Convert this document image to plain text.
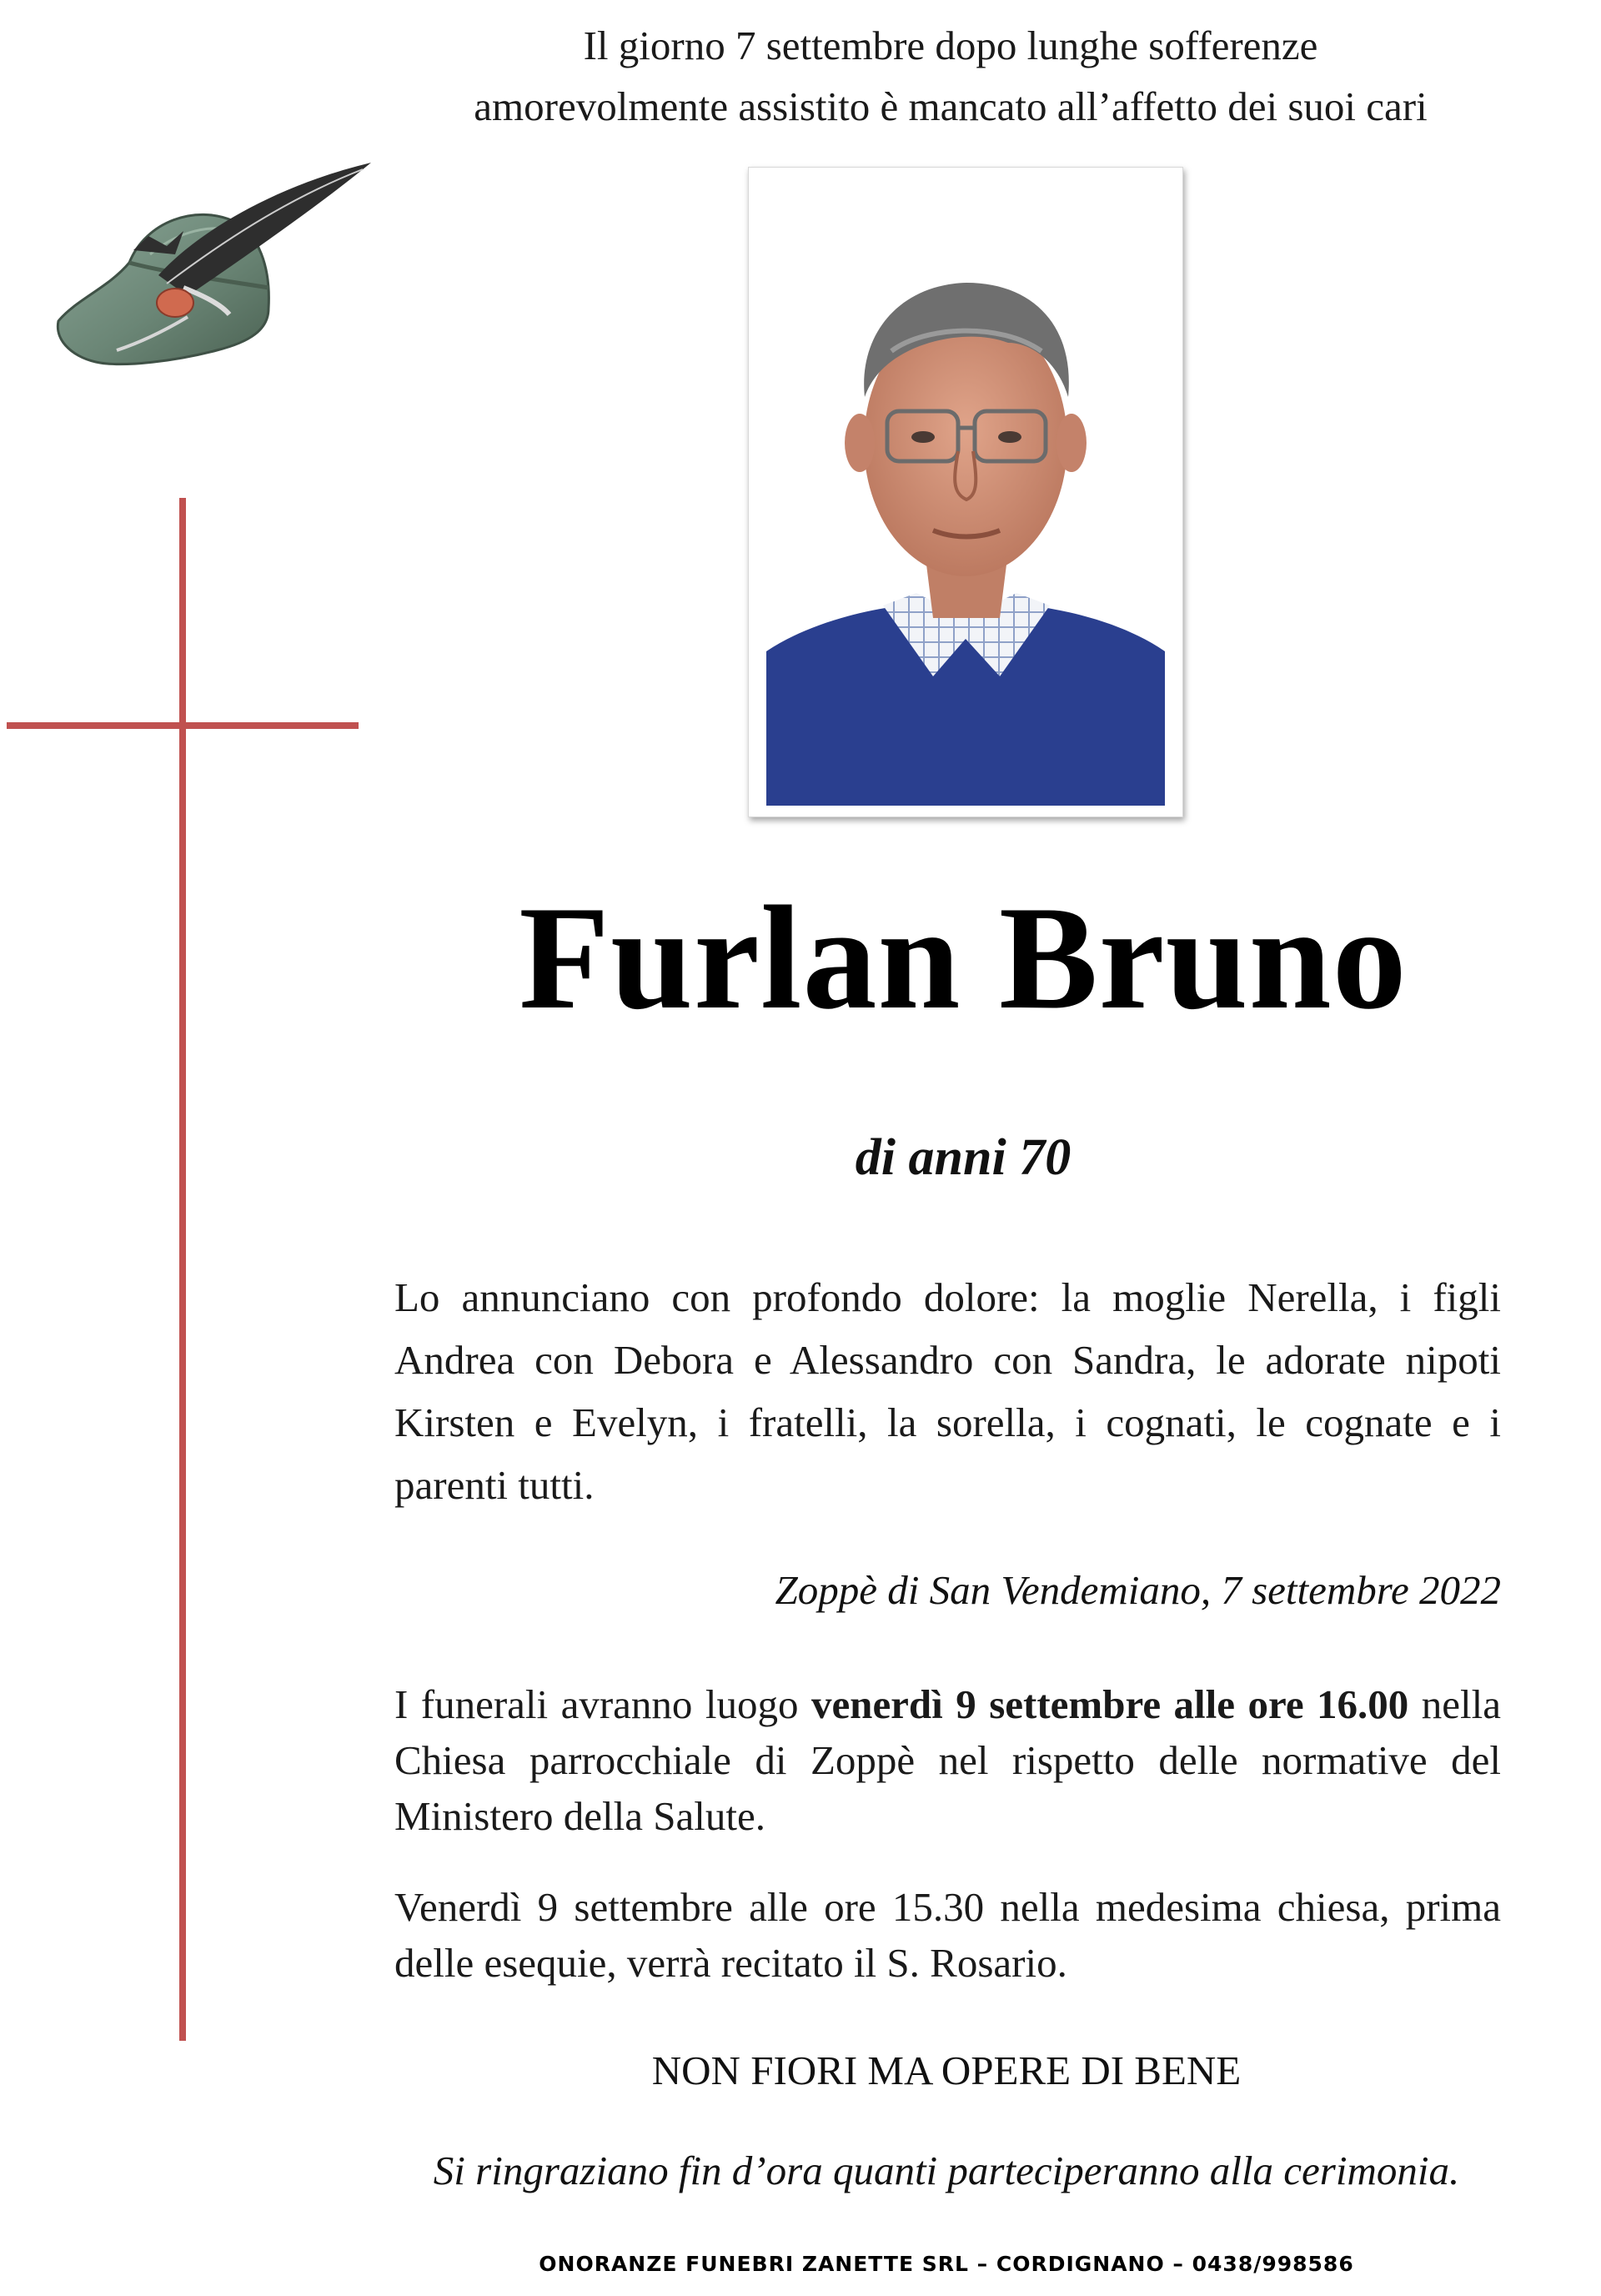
Il giorno 7 settembre dopo lunghe sofferenze
amorevolmente assistito è mancato all’affetto dei suoi cari
Furlan Bruno
di anni 70
Lo annunciano con profondo dolore: la moglie Nerella, i figli Andrea con Debora e Alessandro con Sandra, le adorate nipoti Kirsten e Evelyn, i fratelli, la sorella, i cognati, le cognate e i parenti tutti.
Zoppè di San Vendemiano, 7 settembre 2022
I funerali avranno luogo venerdì 9 settembre alle ore 16.00 nella Chiesa parrocchiale di Zoppè nel rispetto delle normative del Ministero della Salute.
Venerdì 9 settembre alle ore 15.30 nella medesima chiesa, prima delle esequie, verrà recitato il S. Rosario.
NON FIORI MA OPERE DI BENE
Si ringraziano fin d’ora quanti parteciperanno alla cerimonia.
ONORANZE FUNEBRI ZANETTE SRL – CORDIGNANO – 0438/998586
